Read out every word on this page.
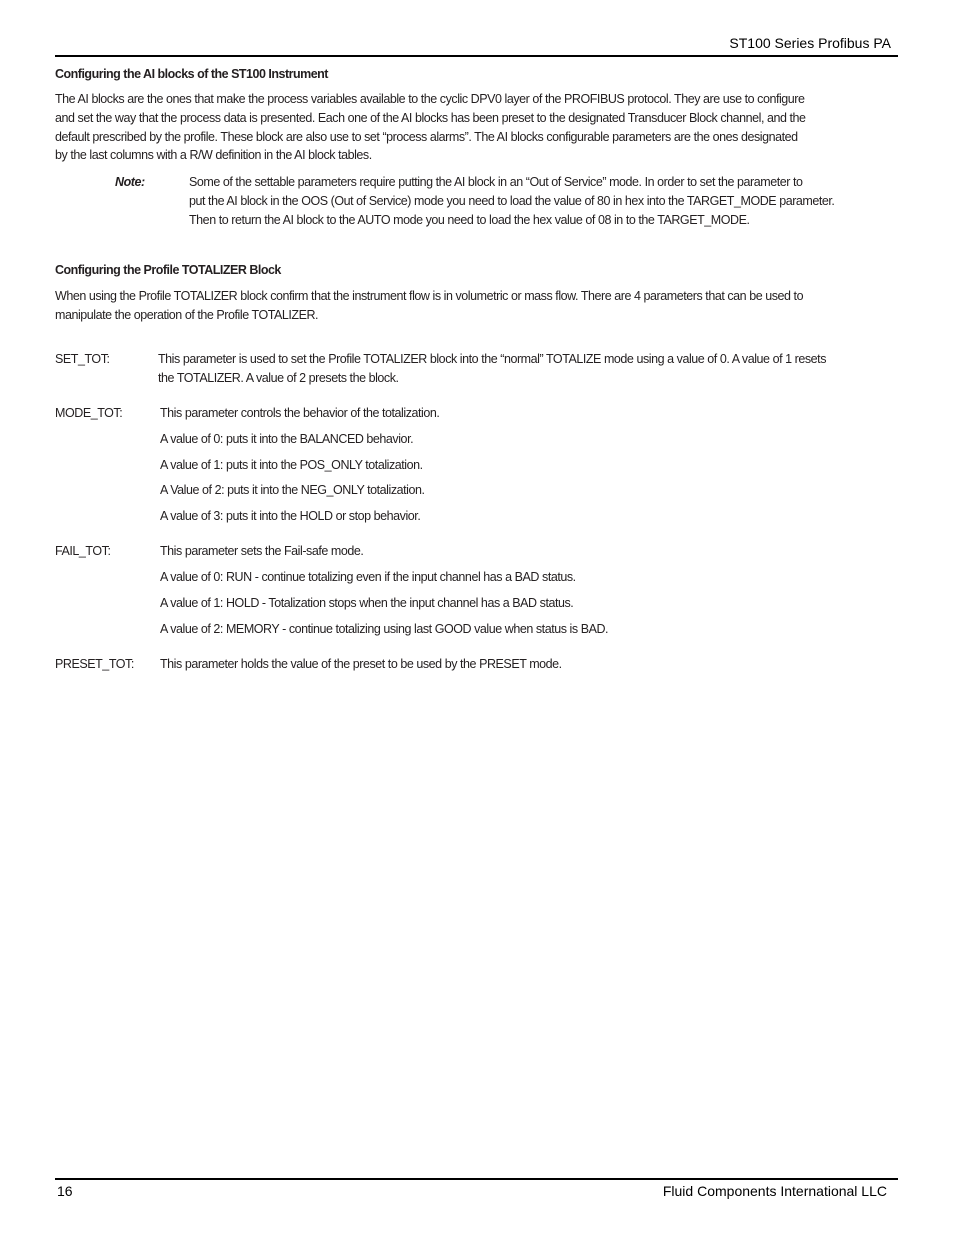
ST100 Series Profibus PA
Configuring the AI blocks of the ST100 Instrument
The AI blocks are the ones that make the process variables available to the cyclic DPV0 layer of the PROFIBUS protocol. They are use to configure
and set the way that the process data is presented. Each one of the AI blocks has been preset to the designated Transducer Block channel, and the
default prescribed by the profile. These block are also use to set “process alarms”. The AI blocks configurable parameters are the ones designated
by the last columns with a R/W definition in the AI block tables.
Note:	Some of the settable parameters require putting the AI block in an “Out of Service” mode. In order to set the parameter to
put the AI block in the OOS (Out of Service) mode you need to load the value of 80 in hex into the TARGET_MODE parameter.
Then to return the AI block to the AUTO mode you need to load the hex value of 08 in to the TARGET_MODE.
Configuring the Profile TOTALIZER Block
When using the Profile TOTALIZER block confirm that the instrument flow is in volumetric or mass flow. There are 4 parameters that can be used to
manipulate the operation of the Profile TOTALIZER.
SET_TOT:	This parameter is used to set the Profile TOTALIZER block into the “normal” TOTALIZE mode using a value of 0. A value of 1 resets
the TOTALIZER. A value of 2 presets the block.
MODE_TOT:	This parameter controls the behavior of the totalization.
A value of 0: puts it into the BALANCED behavior.
A value of 1: puts it into the POS_ONLY totalization.
A Value of 2: puts it into the NEG_ONLY totalization.
A value of 3: puts it into the HOLD or stop behavior.
FAIL_TOT:	This parameter sets the Fail-safe mode.
A value of 0: RUN - continue totalizing even if the input channel has a BAD status.
A value of 1: HOLD - Totalization stops when the input channel has a BAD status.
A value of 2: MEMORY - continue totalizing using last GOOD value when status is BAD.
PRESET_TOT: This parameter holds the value of the preset to be used by the PRESET mode.
16	Fluid Components International LLC
